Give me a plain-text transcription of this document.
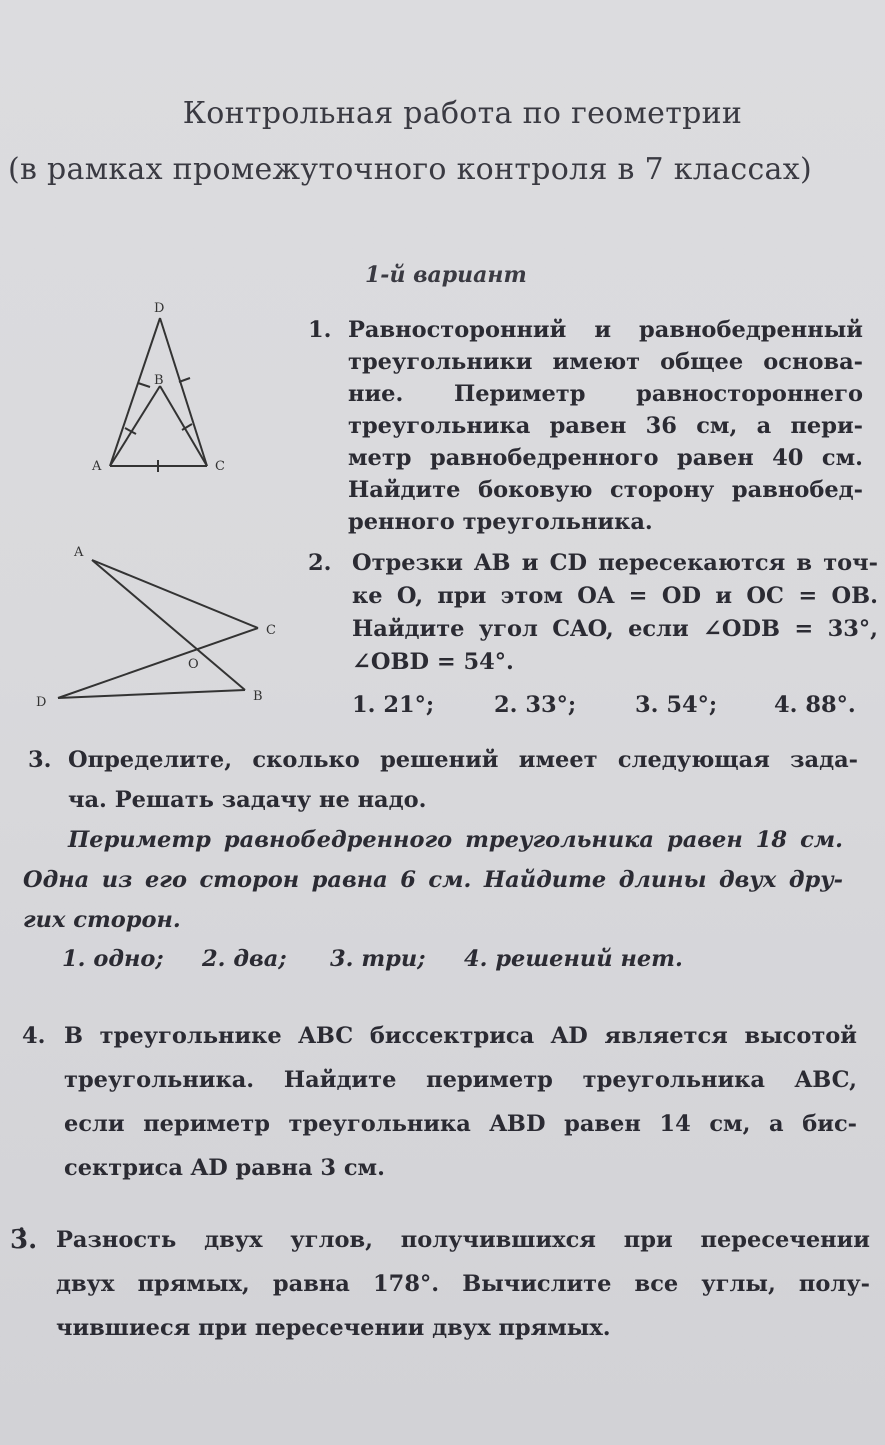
Контрольная работа по геометрии
(в рамках промежуточного контроля в 7 классах)
1-й вариант
D
B
A	C
A
C
O
D	B
1. Равносторонний и равнобедренный
треугольники имеют общее основа-
ние. Периметр равностороннего
треугольника равен 36 см, а пери-
метр равнобедренного равен 40 см.
Найдите боковую сторону равнобед-
ренного треугольника.
2. Отрезки AB и CD пересекаются в точ-
ке O, при этом OA = OD и OC = OB.
Найдите угол CAO, если ∠ODB = 33°,
∠OBD = 54°.
1. 21°;	2. 33°;	3. 54°;	4. 88°.
3. Определите, сколько решений имеет следующая зада-
ча. Решать задачу не надо.
Периметр равнобедренного треугольника равен 18 см.
Одна из его сторон равна 6 см. Найдите длины двух дру-
гих сторон.
1. одно; 2. два; 3. три; 4. решений нет.
4. В треугольнике ABC биссектриса AD является высотой
треугольника. Найдите периметр треугольника ABC,
если периметр треугольника ABD равен 14 см, а бис-
сектриса AD равна 3 см.
3̇. Разность двух углов, получившихся при пересечении
двух прямых, равна 178°. Вычислите все углы, полу-
чившиеся при пересечении двух прямых.
